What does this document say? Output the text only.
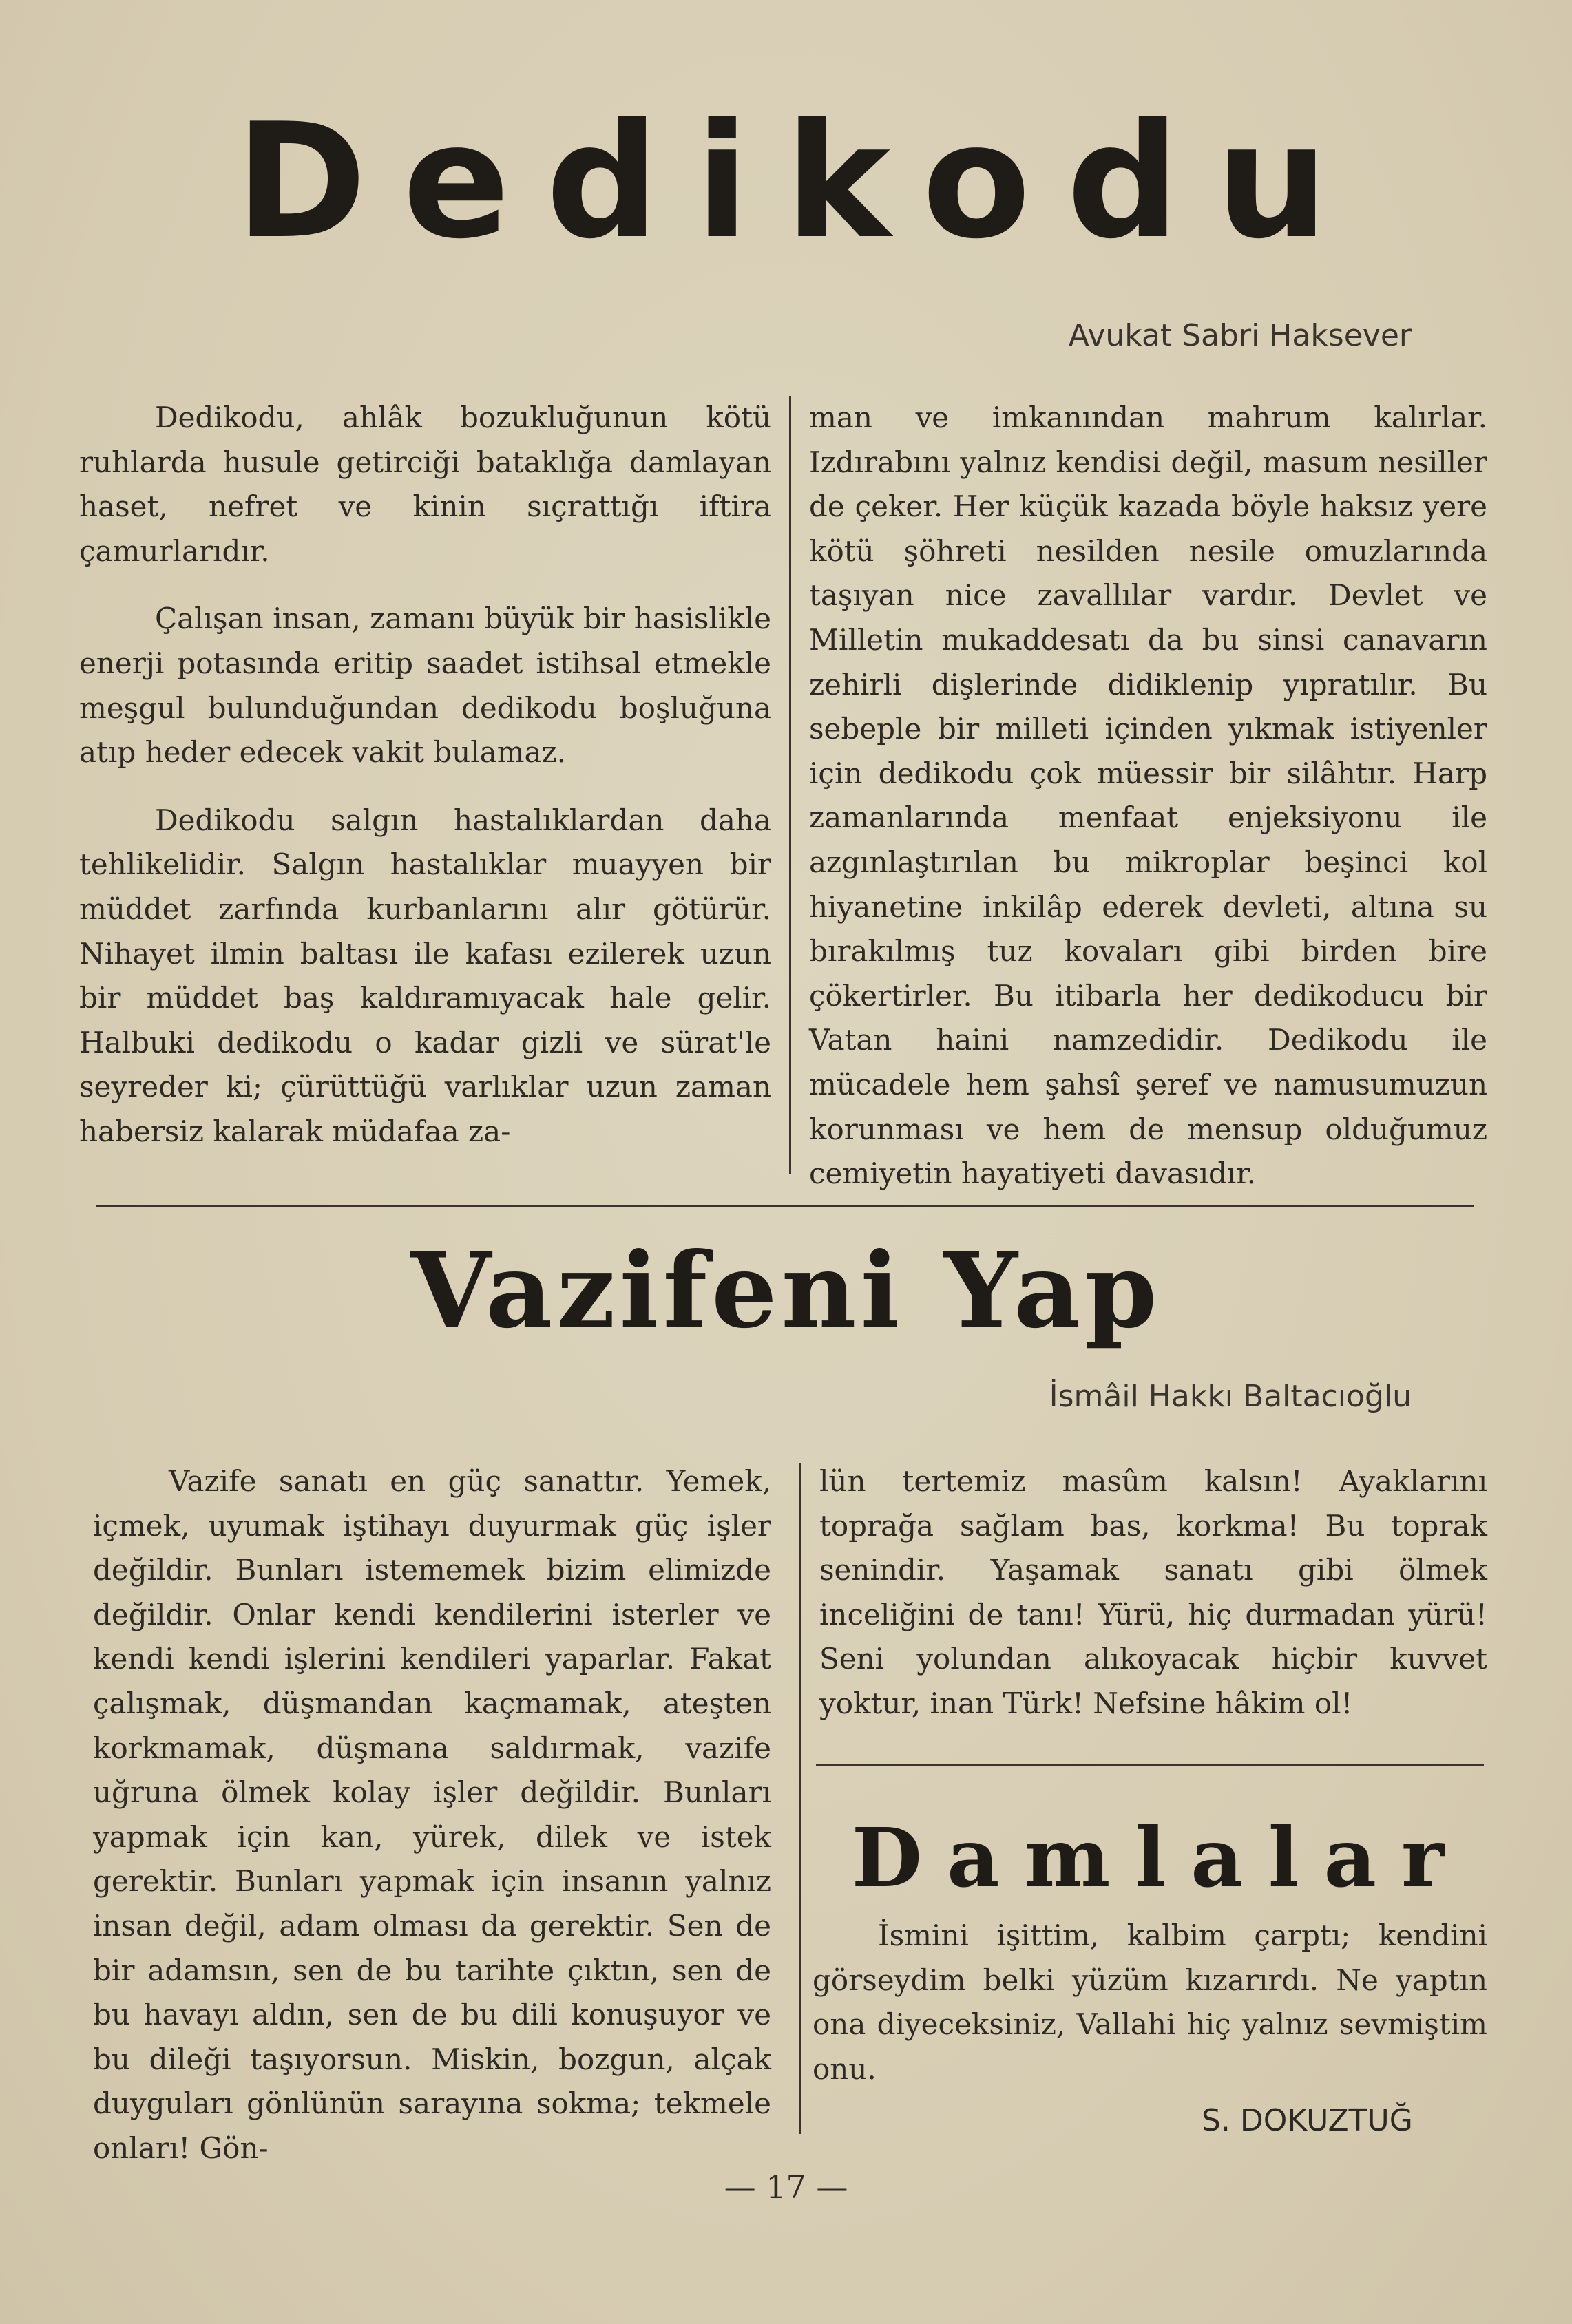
Dedikodu
Avukat Sabri Haksever

Dedikodu, ahlâk bozukluğunun kötü ruhlarda husule getirciği bataklığa damlayan haset, nefret ve kinin sıçrattığı iftira çamurlarıdır.

Çalışan insan, zamanı büyük bir hasislikle enerji potasında eritip saadet istihsal etmekle meşgul bulunduğundan dedikodu boşluğuna atıp heder edecek vakit bulamaz.

Dedikodu salgın hastalıklardan daha tehlikelidir. Salgın hastalıklar muayyen bir müddet zarfında kurbanlarını alır götürür. Nihayet ilmin baltası ile kafası ezilerek uzun bir müddet baş kaldıramıyacak hale gelir. Halbuki dedikodu o kadar gizli ve sürat'le seyreder ki; çürüttüğü varlıklar uzun zaman habersiz kalarak müdafaa za-

man ve imkanından mahrum kalırlar. Izdırabını yalnız kendisi değil, masum nesiller de çeker. Her küçük kazada böyle haksız yere kötü şöhreti nesilden nesile omuzlarında taşıyan nice zavallılar vardır. Devlet ve Milletin mukaddesatı da bu sinsi canavarın zehirli dişlerinde didiklenip yıpratılır. Bu sebeple bir milleti içinden yıkmak istiyenler için dedikodu çok müessir bir silâhtır. Harp zamanlarında menfaat enjeksiyonu ile azgınlaştırılan bu mikroplar beşinci kol hiyanetine inkilâp ederek devleti, altına su bırakılmış tuz kovaları gibi birden bire çökertirler. Bu itibarla her dedikoducu bir Vatan haini namzedidir. Dedikodu ile mücadele hem şahsî şeref ve namusumuzun korunması ve hem de mensup olduğumuz cemiyetin hayatiyeti davasıdır.

Vazifeni Yap
İsmâil Hakkı Baltacıoğlu

Vazife sanatı en güç sanattır. Yemek, içmek, uyumak iştihayı duyurmak güç işler değildir. Bunları istememek bizim elimizde değildir. Onlar kendi kendilerini isterler ve kendi kendi işlerini kendileri yaparlar. Fakat çalışmak, düşmandan kaçmamak, ateşten korkmamak, düşmana saldırmak, vazife uğruna ölmek kolay işler değildir. Bunları yapmak için kan, yürek, dilek ve istek gerektir. Bunları yapmak için insanın yalnız insan değil, adam olması da gerektir. Sen de bir adamsın, sen de bu tarihte çıktın, sen de bu havayı aldın, sen de bu dili konuşuyor ve bu dileği taşıyorsun. Miskin, bozgun, alçak duyguları gönlünün sarayına sokma; tekmele onları! Gön-

lün tertemiz masûm kalsın! Ayaklarını toprağa sağlam bas, korkma! Bu toprak senindir. Yaşamak sanatı gibi ölmek inceliğini de tanı! Yürü, hiç durmadan yürü! Seni yolundan alıkoyacak hiçbir kuvvet yoktur, inan Türk! Nefsine hâkim ol!

Damlalar

İsmini işittim, kalbim çarptı; kendini görseydim belki yüzüm kızarırdı. Ne yaptın ona diyeceksiniz, Vallahi hiç yalnız sevmiştim onu.

S. DOKUZTUĞ
— 17 —
